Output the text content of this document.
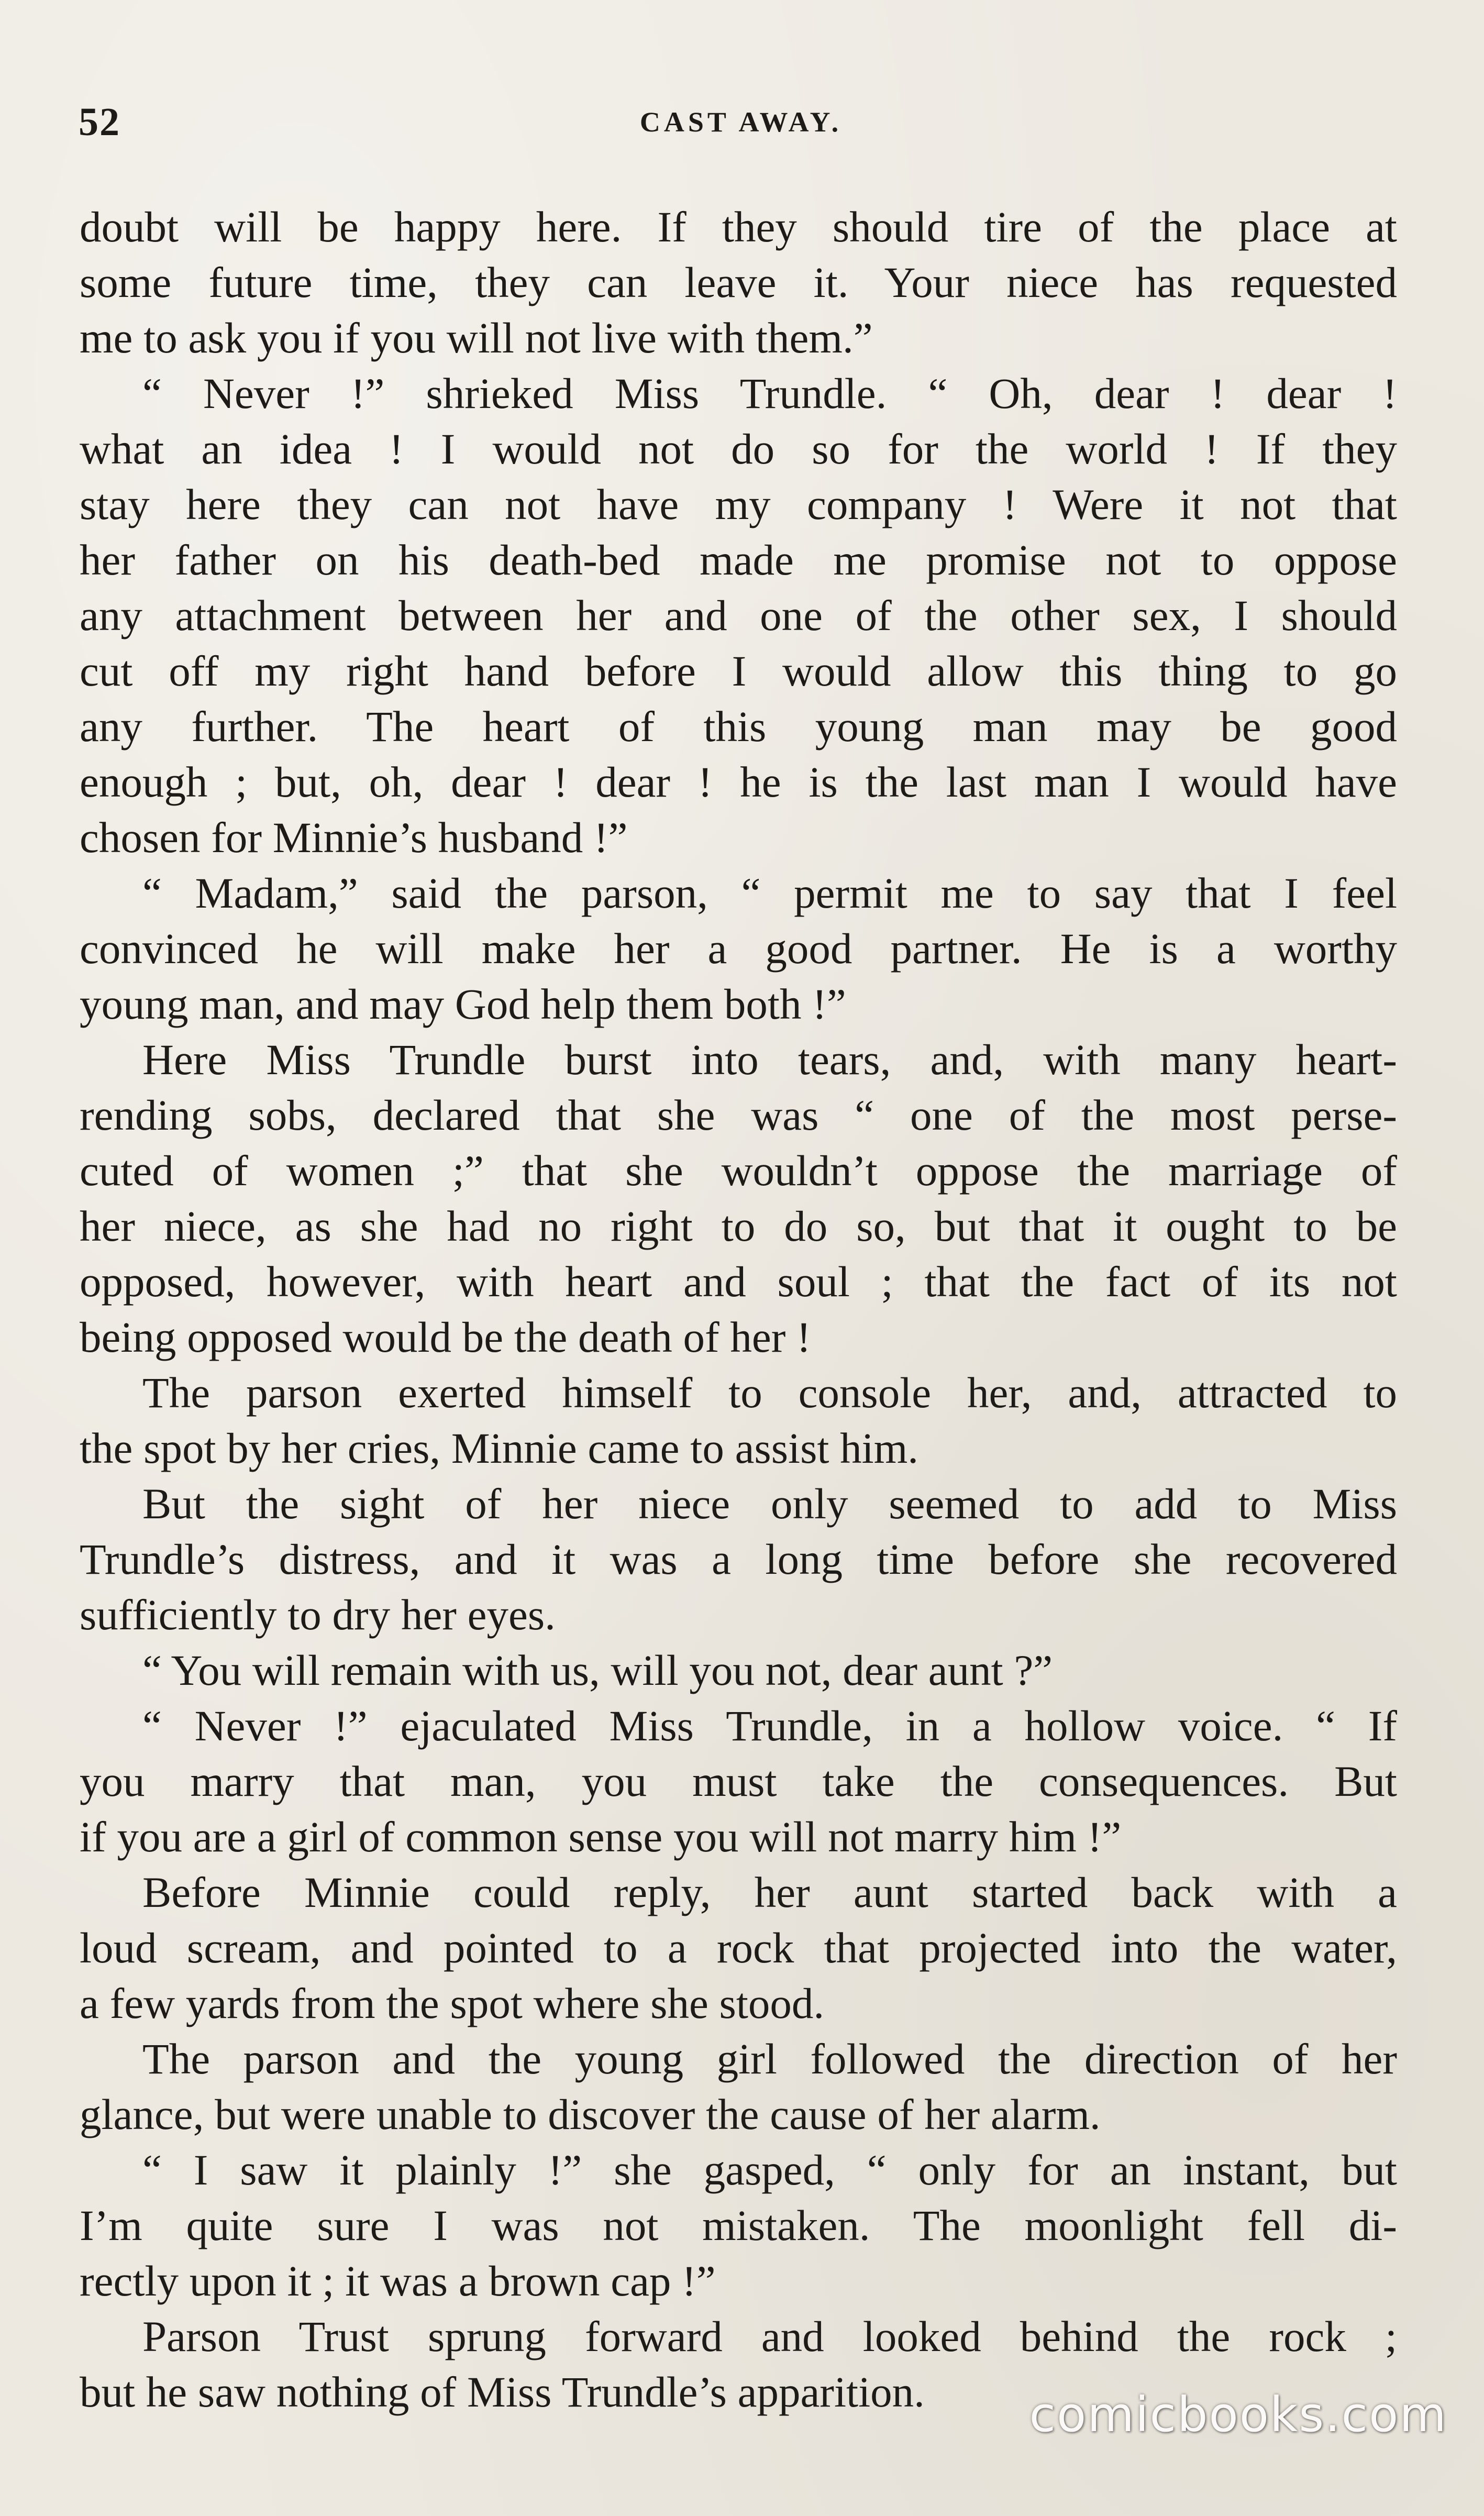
52	CAST AWAY.
doubt will be happy here. If they should tire of the place at
some future time, they can leave it. Your niece has requested
me to ask you if you will not live with them.”
“ Never !” shrieked Miss Trundle. “ Oh, dear ! dear !
what an idea ! I would not do so for the world ! If they
stay here they can not have my company ! Were it not that
her father on his death-bed made me promise not to oppose
any attachment between her and one of the other sex, I should
cut off my right hand before I would allow this thing to go
any further. The heart of this young man may be good
enough ; but, oh, dear ! dear ! he is the last man I would have
chosen for Minnie’s husband !”
“ Madam,” said the parson, “ permit me to say that I feel
convinced he will make her a good partner. He is a worthy
young man, and may God help them both !”
Here Miss Trundle burst into tears, and, with many heart-
rending sobs, declared that she was “ one of the most perse-
cuted of women ;” that she wouldn’t oppose the marriage of
her niece, as she had no right to do so, but that it ought to be
opposed, however, with heart and soul ; that the fact of its not
being opposed would be the death of her !
The parson exerted himself to console her, and, attracted to
the spot by her cries, Minnie came to assist him.
But the sight of her niece only seemed to add to Miss
Trundle’s distress, and it was a long time before she recovered
sufficiently to dry her eyes.
“ You will remain with us, will you not, dear aunt ?”
“ Never !” ejaculated Miss Trundle, in a hollow voice. “ If
you marry that man, you must take the consequences. But
if you are a girl of common sense you will not marry him !”
Before Minnie could reply, her aunt started back with a
loud scream, and pointed to a rock that projected into the water,
a few yards from the spot where she stood.
The parson and the young girl followed the direction of her
glance, but were unable to discover the cause of her alarm.
“ I saw it plainly !” she gasped, “ only for an instant, but
I’m quite sure I was not mistaken. The moonlight fell di-
rectly upon it ; it was a brown cap !”
Parson Trust sprung forward and looked behind the rock ;
but he saw nothing of Miss Trundle’s apparition.	comicbooks.com
